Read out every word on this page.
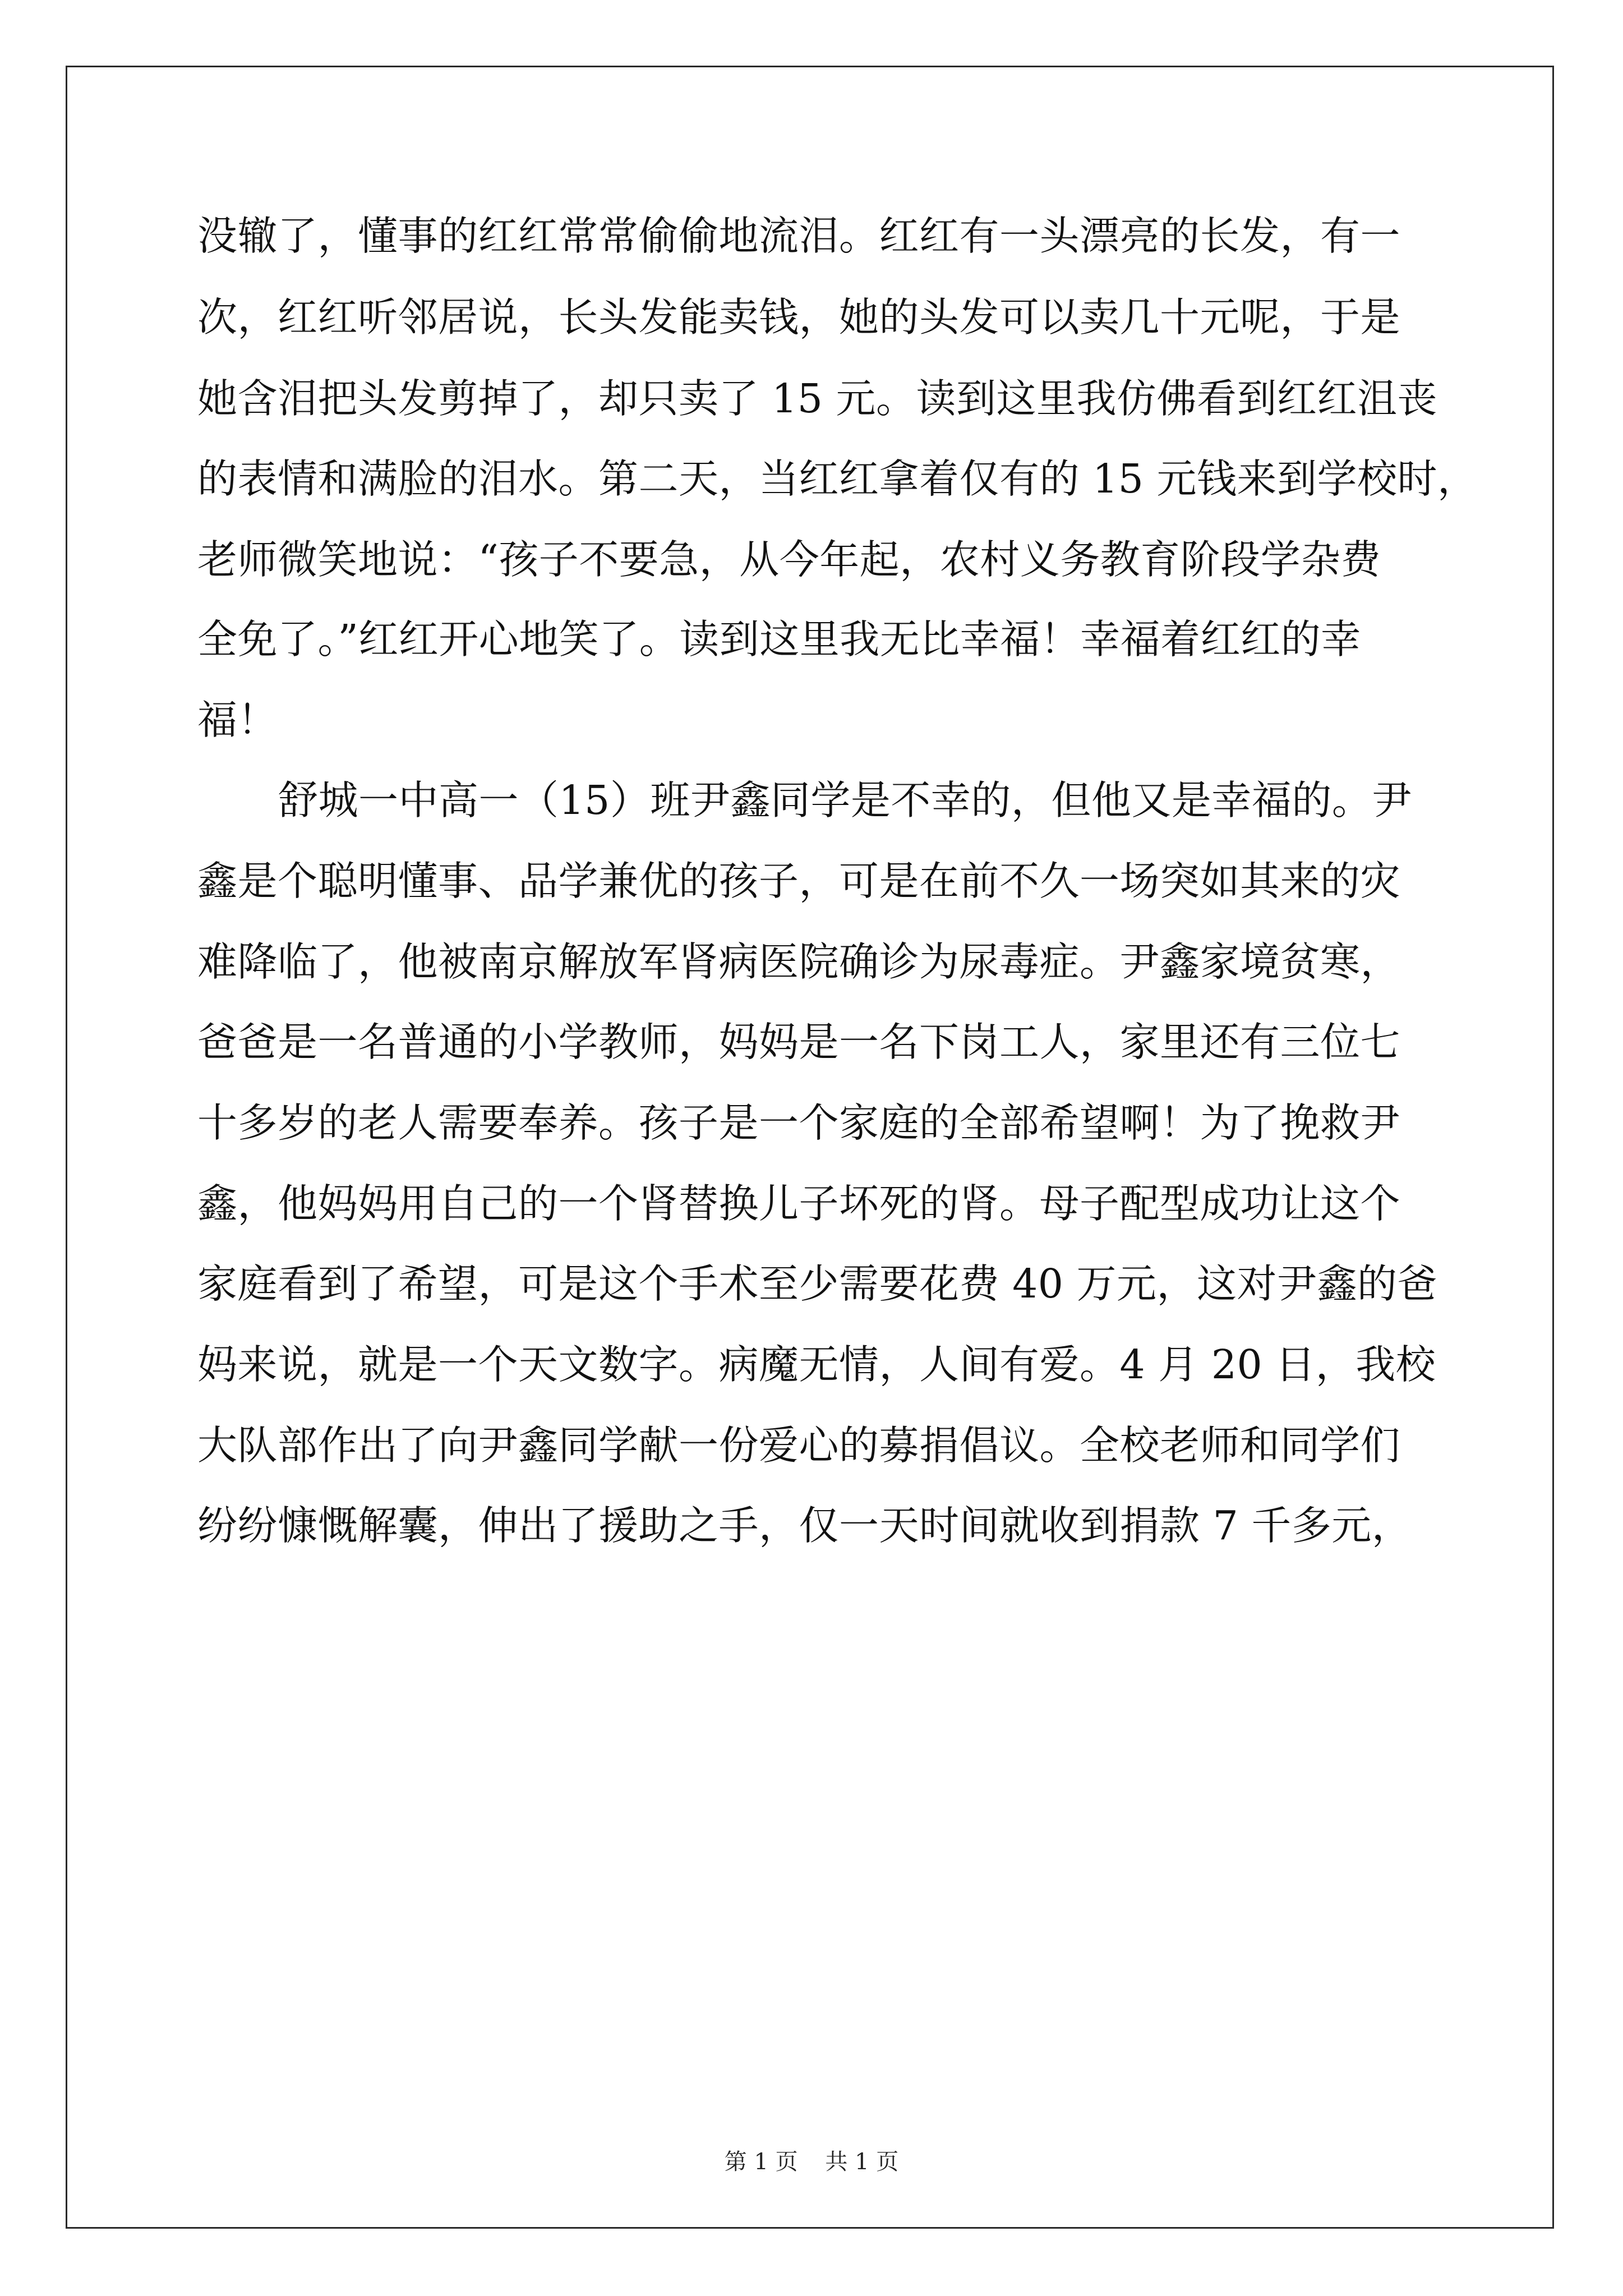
没辙了，懂事的红红常常偷偷地流泪。红红有一头漂亮的长发，有一
次，红红听邻居说，长头发能卖钱，她的头发可以卖几十元呢，于是
她含泪把头发剪掉了，却只卖了 15 元。读到这里我仿佛看到红红沮丧
的表情和满脸的泪水。第二天，当红红拿着仅有的 15 元钱来到学校时，
老师微笑地说：“孩子不要急，从今年起，农村义务教育阶段学杂费
全免了。”红红开心地笑了。读到这里我无比幸福！幸福着红红的幸
福！
舒城一中高一（15）班尹鑫同学是不幸的，但他又是幸福的。尹
鑫是个聪明懂事、品学兼优的孩子，可是在前不久一场突如其来的灾
难降临了，他被南京解放军肾病医院确诊为尿毒症。尹鑫家境贫寒，
爸爸是一名普通的小学教师，妈妈是一名下岗工人，家里还有三位七
十多岁的老人需要奉养。孩子是一个家庭的全部希望啊！为了挽救尹
鑫，他妈妈用自己的一个肾替换儿子坏死的肾。母子配型成功让这个
家庭看到了希望，可是这个手术至少需要花费 40 万元，这对尹鑫的爸
妈来说，就是一个天文数字。病魔无情，人间有爱。4 月 20 日，我校
大队部作出了向尹鑫同学献一份爱心的募捐倡议。全校老师和同学们
纷纷慷慨解囊，伸出了援助之手，仅一天时间就收到捐款 7 千多元，
第 1 页 共 1 页
